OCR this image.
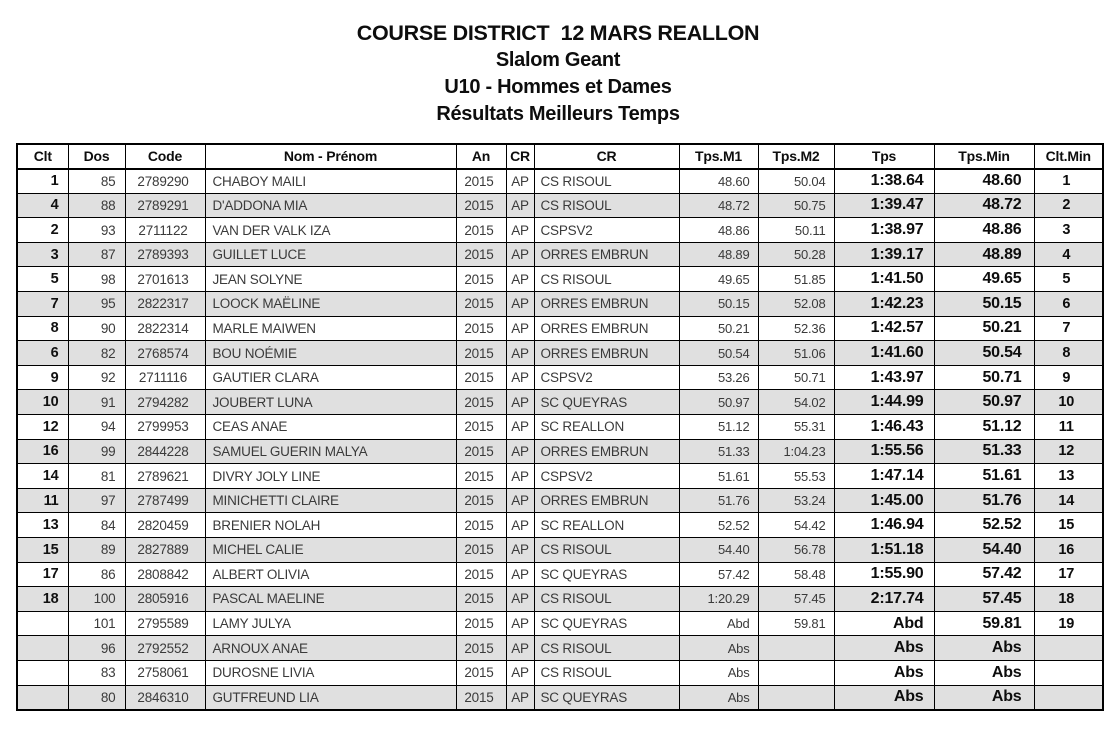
COURSE DISTRICT  12 MARS REALLON
Slalom Geant
U10 - Hommes et Dames
Résultats Meilleurs Temps
Clt	Dos	Code	Nom - Prénom	An	CR	CR	Tps.M1	Tps.M2	Tps	Tps.Min	Clt.Min
1	85	2789290	CHABOY MAILI	2015	AP	CS RISOUL	48.60	50.04	1:38.64	48.60	1
4	88	2789291	D'ADDONA MIA	2015	AP	CS RISOUL	48.72	50.75	1:39.47	48.72	2
2	93	2711122	VAN DER VALK IZA	2015	AP	CSPSV2	48.86	50.11	1:38.97	48.86	3
3	87	2789393	GUILLET LUCE	2015	AP	ORRES EMBRUN	48.89	50.28	1:39.17	48.89	4
5	98	2701613	JEAN SOLYNE	2015	AP	CS RISOUL	49.65	51.85	1:41.50	49.65	5
7	95	2822317	LOOCK MAËLINE	2015	AP	ORRES EMBRUN	50.15	52.08	1:42.23	50.15	6
8	90	2822314	MARLE MAIWEN	2015	AP	ORRES EMBRUN	50.21	52.36	1:42.57	50.21	7
6	82	2768574	BOU NOÉMIE	2015	AP	ORRES EMBRUN	50.54	51.06	1:41.60	50.54	8
9	92	2711116	GAUTIER CLARA	2015	AP	CSPSV2	53.26	50.71	1:43.97	50.71	9
10	91	2794282	JOUBERT LUNA	2015	AP	SC QUEYRAS	50.97	54.02	1:44.99	50.97	10
12	94	2799953	CEAS ANAE	2015	AP	SC REALLON	51.12	55.31	1:46.43	51.12	11
16	99	2844228	SAMUEL GUERIN MALYA	2015	AP	ORRES EMBRUN	51.33	1:04.23	1:55.56	51.33	12
14	81	2789621	DIVRY JOLY LINE	2015	AP	CSPSV2	51.61	55.53	1:47.14	51.61	13
11	97	2787499	MINICHETTI CLAIRE	2015	AP	ORRES EMBRUN	51.76	53.24	1:45.00	51.76	14
13	84	2820459	BRENIER NOLAH	2015	AP	SC REALLON	52.52	54.42	1:46.94	52.52	15
15	89	2827889	MICHEL CALIE	2015	AP	CS RISOUL	54.40	56.78	1:51.18	54.40	16
17	86	2808842	ALBERT OLIVIA	2015	AP	SC QUEYRAS	57.42	58.48	1:55.90	57.42	17
18	100	2805916	PASCAL MAELINE	2015	AP	CS RISOUL	1:20.29	57.45	2:17.74	57.45	18
	101	2795589	LAMY JULYA	2015	AP	SC QUEYRAS	Abd	59.81	Abd	59.81	19
	96	2792552	ARNOUX ANAE	2015	AP	CS RISOUL	Abs		Abs	Abs	
	83	2758061	DUROSNE LIVIA	2015	AP	CS RISOUL	Abs		Abs	Abs	
	80	2846310	GUTFREUND LIA	2015	AP	SC QUEYRAS	Abs		Abs	Abs	
